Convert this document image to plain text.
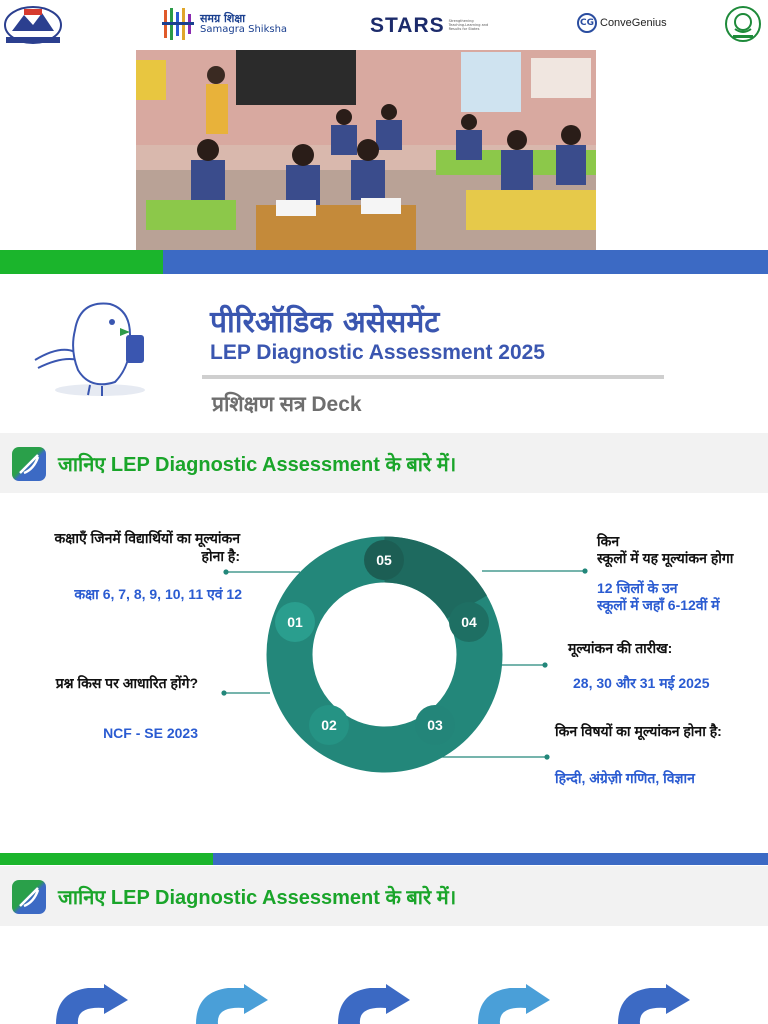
समग्र शिक्षा
Samagra Shiksha	STARS Strengthening Teaching-Learning and Results for States
CG ConveGenius
पीरिऑडिक असेसमेंट
LEP Diagnostic Assessment 2025
प्रशिक्षण सत्र Deck
जानिए LEP Diagnostic Assessment के बारे में।
05
04
03
02
01
कक्षाएँ जिनमें विद्यार्थियों का मूल्यांकन होना है:
कक्षा 6, 7, 8, 9, 10, 11 एवं 12
प्रश्न किस पर आधारित होंगे?
NCF - SE 2023
किन
स्कूलों में यह मूल्यांकन होगा
12 जिलों के उन
स्कूलों में जहाँ 6-12वीं में
मूल्यांकन की तारीख:
28, 30 और 31 मई 2025
किन विषयों का मूल्यांकन होना है:
हिन्दी, अंग्रेज़ी गणित, विज्ञान
जानिए LEP Diagnostic Assessment के बारे में।
